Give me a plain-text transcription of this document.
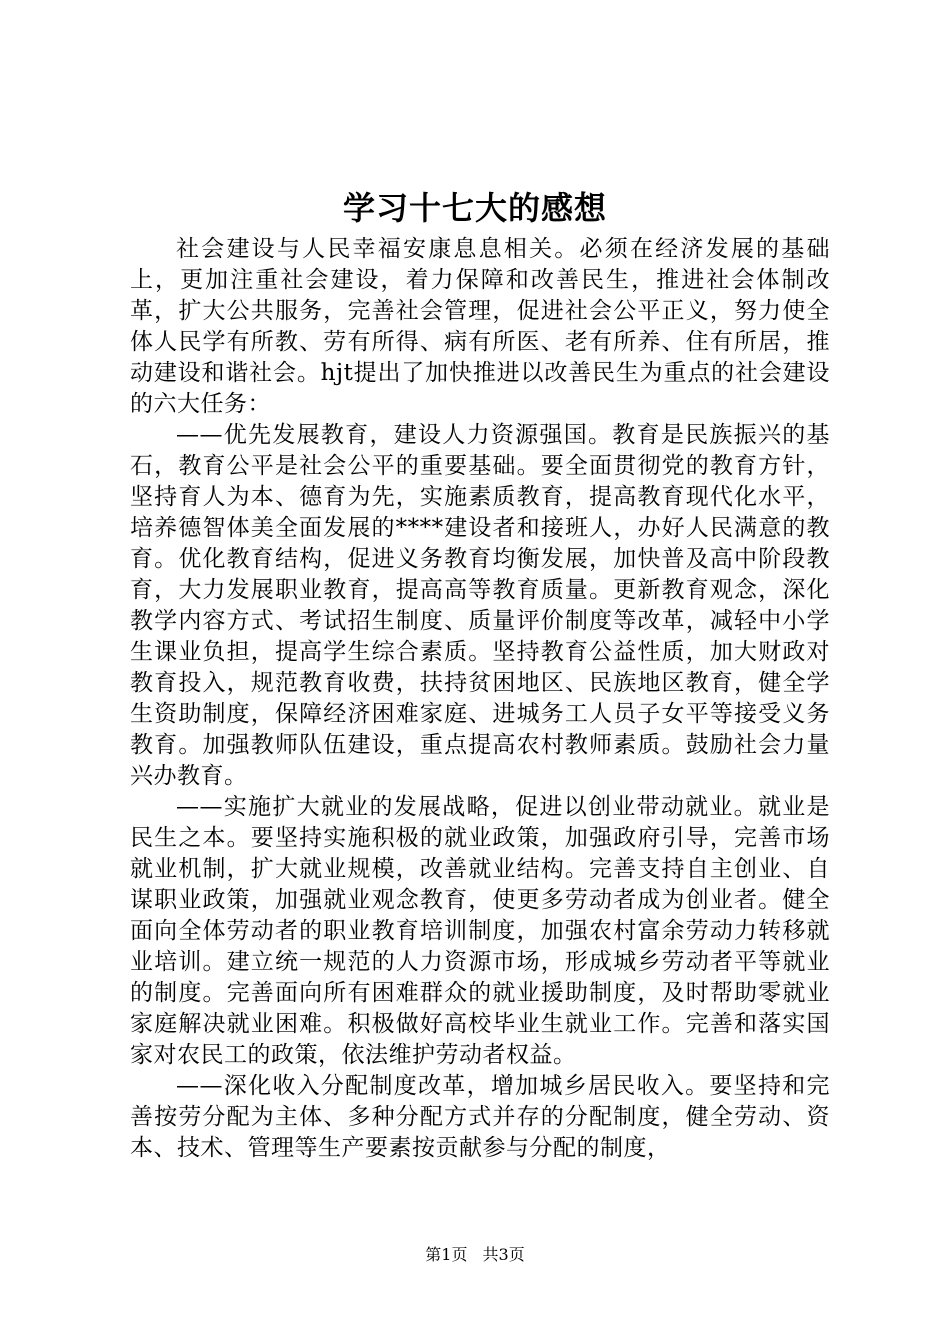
学习十七大的感想

社会建设与人民幸福安康息息相关。必须在经济发展的基础上，更加注重社会建设，着力保障和改善民生，推进社会体制改革，扩大公共服务，完善社会管理，促进社会公平正义，努力使全体人民学有所教、劳有所得、病有所医、老有所养、住有所居，推动建设和谐社会。hjt提出了加快推进以改善民生为重点的社会建设的六大任务：

——优先发展教育，建设人力资源强国。教育是民族振兴的基石，教育公平是社会公平的重要基础。要全面贯彻党的教育方针，坚持育人为本、德育为先，实施素质教育，提高教育现代化水平，培养德智体美全面发展的****建设者和接班人，办好人民满意的教育。优化教育结构，促进义务教育均衡发展，加快普及高中阶段教育，大力发展职业教育，提高高等教育质量。更新教育观念，深化教学内容方式、考试招生制度、质量评价制度等改革，减轻中小学生课业负担，提高学生综合素质。坚持教育公益性质，加大财政对教育投入，规范教育收费，扶持贫困地区、民族地区教育，健全学生资助制度，保障经济困难家庭、进城务工人员子女平等接受义务教育。加强教师队伍建设，重点提高农村教师素质。鼓励社会力量兴办教育。

——实施扩大就业的发展战略，促进以创业带动就业。就业是民生之本。要坚持实施积极的就业政策，加强政府引导，完善市场就业机制，扩大就业规模，改善就业结构。完善支持自主创业、自谋职业政策，加强就业观念教育，使更多劳动者成为创业者。健全面向全体劳动者的职业教育培训制度，加强农村富余劳动力转移就业培训。建立统一规范的人力资源市场，形成城乡劳动者平等就业的制度。完善面向所有困难群众的就业援助制度，及时帮助零就业家庭解决就业困难。积极做好高校毕业生就业工作。完善和落实国家对农民工的政策，依法维护劳动者权益。

——深化收入分配制度改革，增加城乡居民收入。要坚持和完善按劳分配为主体、多种分配方式并存的分配制度，健全劳动、资本、技术、管理等生产要素按贡献参与分配的制度，

第1页 共3页
